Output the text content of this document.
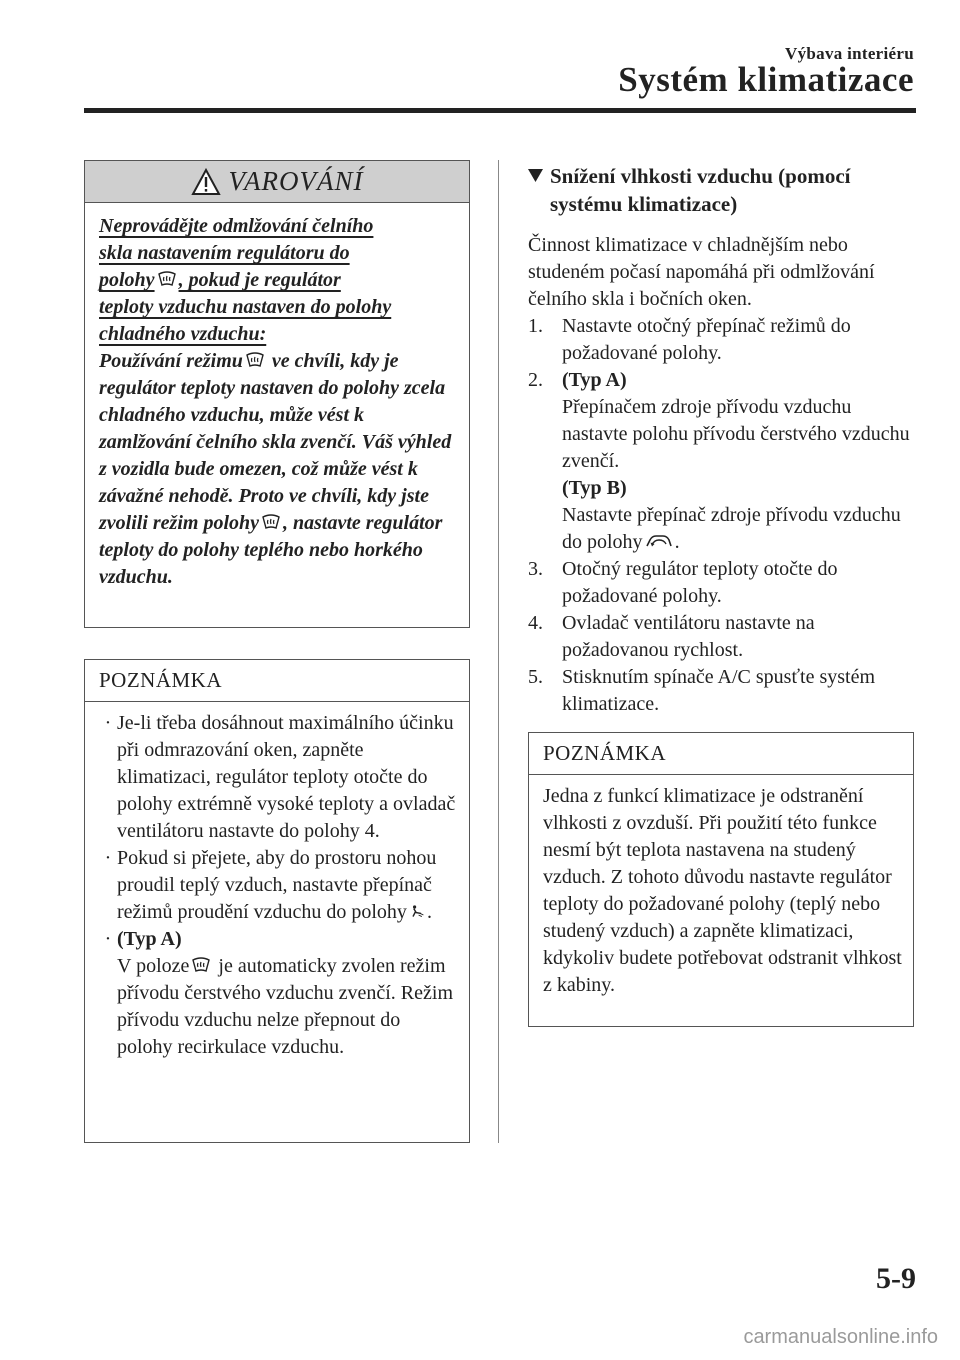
Výbava interiéru
Systém klimatizace
VAROVÁNÍ
Neprovádějte odmlžování čelního
skla nastavením regulátoru do
polohy , pokud je regulátor
teploty vzduchu nastaven do polohy
chladného vzduchu:
Používání režimu ve chvíli, kdy je regulátor teploty nastaven do polohy zcela chladného vzduchu, může vést k zamlžování čelního skla zvenčí. Váš výhled z vozidla bude omezen, což může vést k závažné nehodě. Proto ve chvíli, kdy jste zvolili režim polohy , nastavte regulátor teploty do polohy teplého nebo horkého vzduchu.
POZNÁMKA
· Je-li třeba dosáhnout maximálního účinku při odmrazování oken, zapněte klimatizaci, regulátor teploty otočte do polohy extrémně vysoké teploty a ovladač ventilátoru nastavte do polohy 4.
· Pokud si přejete, aby do prostoru nohou proudil teplý vzduch, nastavte přepínač režimů proudění vzduchu do polohy .
· (Typ A)
V poloze je automaticky zvolen režim přívodu čerstvého vzduchu zvenčí. Režim přívodu vzduchu nelze přepnout do polohy recirkulace vzduchu.
Snížení vlhkosti vzduchu (pomocí systému klimatizace)
Činnost klimatizace v chladnějším nebo studeném počasí napomáhá při odmlžování čelního skla i bočních oken.
1. Nastavte otočný přepínač režimů do požadované polohy.
2. (Typ A)
Přepínačem zdroje přívodu vzduchu nastavte polohu přívodu čerstvého vzduchu zvenčí.
(Typ B)
Nastavte přepínač zdroje přívodu vzduchu do polohy .
3. Otočný regulátor teploty otočte do požadované polohy.
4. Ovladač ventilátoru nastavte na požadovanou rychlost.
5. Stisknutím spínače A/C spusťte systém klimatizace.
POZNÁMKA
Jedna z funkcí klimatizace je odstranění vlhkosti z ovzduší. Při použití této funkce nesmí být teplota nastavena na studený vzduch. Z tohoto důvodu nastavte regulátor teploty do požadované polohy (teplý nebo studený vzduch) a zapněte klimatizaci, kdykoliv budete potřebovat odstranit vlhkost z kabiny.
5-9
carmanualsonline.info
